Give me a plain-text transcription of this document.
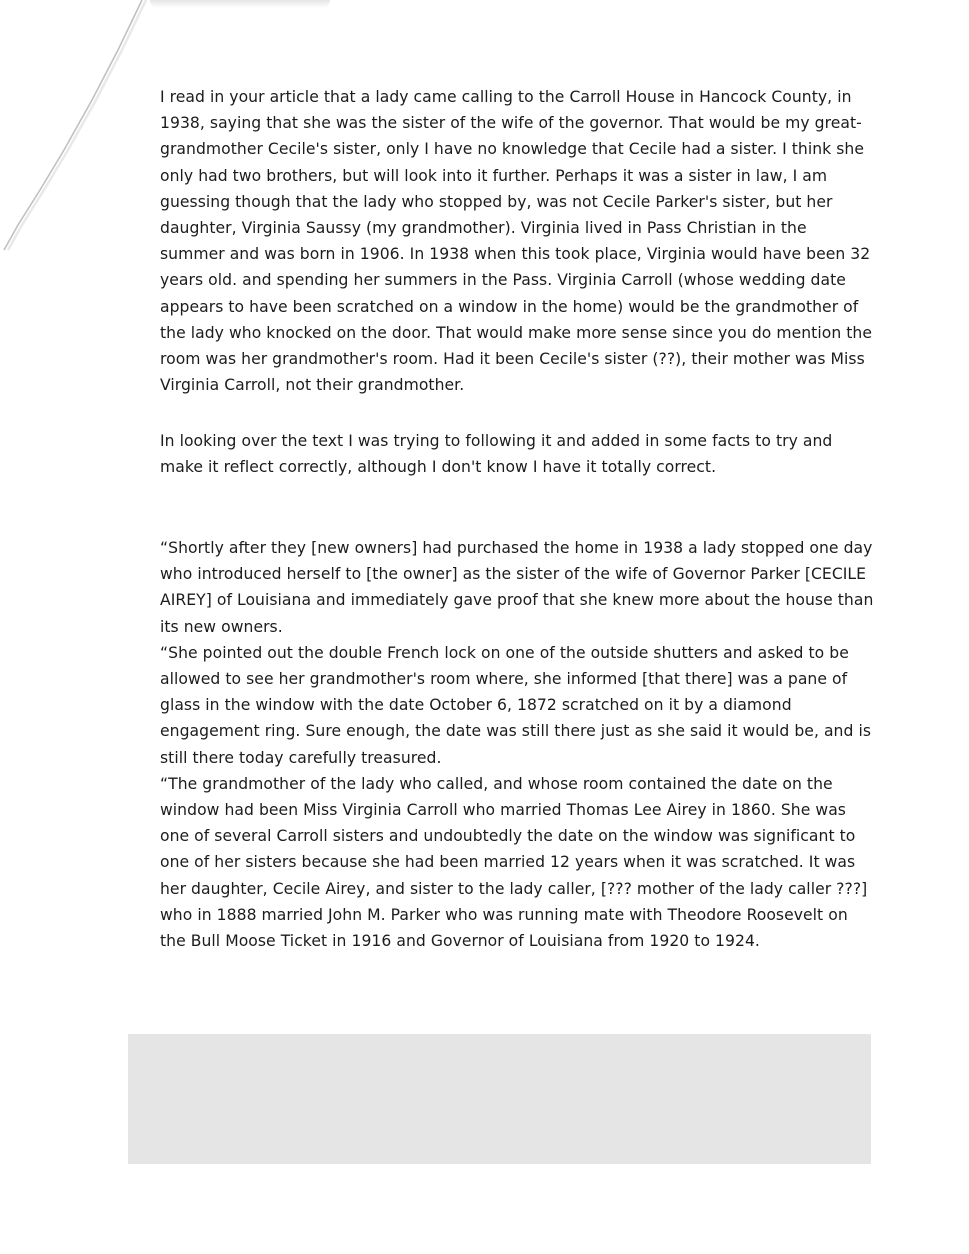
I read in your article that a lady came calling to the Carroll House in Hancock County, in 1938, saying that she was the sister of the wife of the governor. That would be my great-grandmother Cecile's sister, only I have no knowledge that Cecile had a sister. I think she only had two brothers, but will look into it further. Perhaps it was a sister in law, I am guessing though that the lady who stopped by, was not Cecile Parker's sister, but her daughter, Virginia Saussy (my grandmother). Virginia lived in Pass Christian in the summer and was born in 1906. In 1938 when this took place, Virginia would have been 32 years old. and spending her summers in the Pass. Virginia Carroll (whose wedding date appears to have been scratched on a window in the home) would be the grandmother of the lady who knocked on the door. That would make more sense since you do mention the room was her grandmother's room. Had it been Cecile's sister (??), their mother was Miss Virginia Carroll, not their grandmother.

In looking over the text I was trying to following it and added in some facts to try and make it reflect correctly, although I don't know I have it totally correct.

“Shortly after they [new owners] had purchased the home in 1938 a lady stopped one day who introduced herself to [the owner] as the sister of the wife of Governor Parker [CECILE AIREY] of Louisiana and immediately gave proof that she knew more about the house than its new owners.

“She pointed out the double French lock on one of the outside shutters and asked to be allowed to see her grandmother's room where, she informed [that there] was a pane of glass in the window with the date October 6, 1872 scratched on it by a diamond engagement ring. Sure enough, the date was still there just as she said it would be, and is still there today carefully treasured.

“The grandmother of the lady who called, and whose room contained the date on the window had been Miss Virginia Carroll who married Thomas Lee Airey in 1860. She was one of several Carroll sisters and undoubtedly the date on the window was significant to one of her sisters because she had been married 12 years when it was scratched. It was her daughter, Cecile Airey, and sister to the lady caller, [??? mother of the lady caller ???] who in 1888 married John M. Parker who was running mate with Theodore Roosevelt on the Bull Moose Ticket in 1916 and Governor of Louisiana from 1920 to 1924.
